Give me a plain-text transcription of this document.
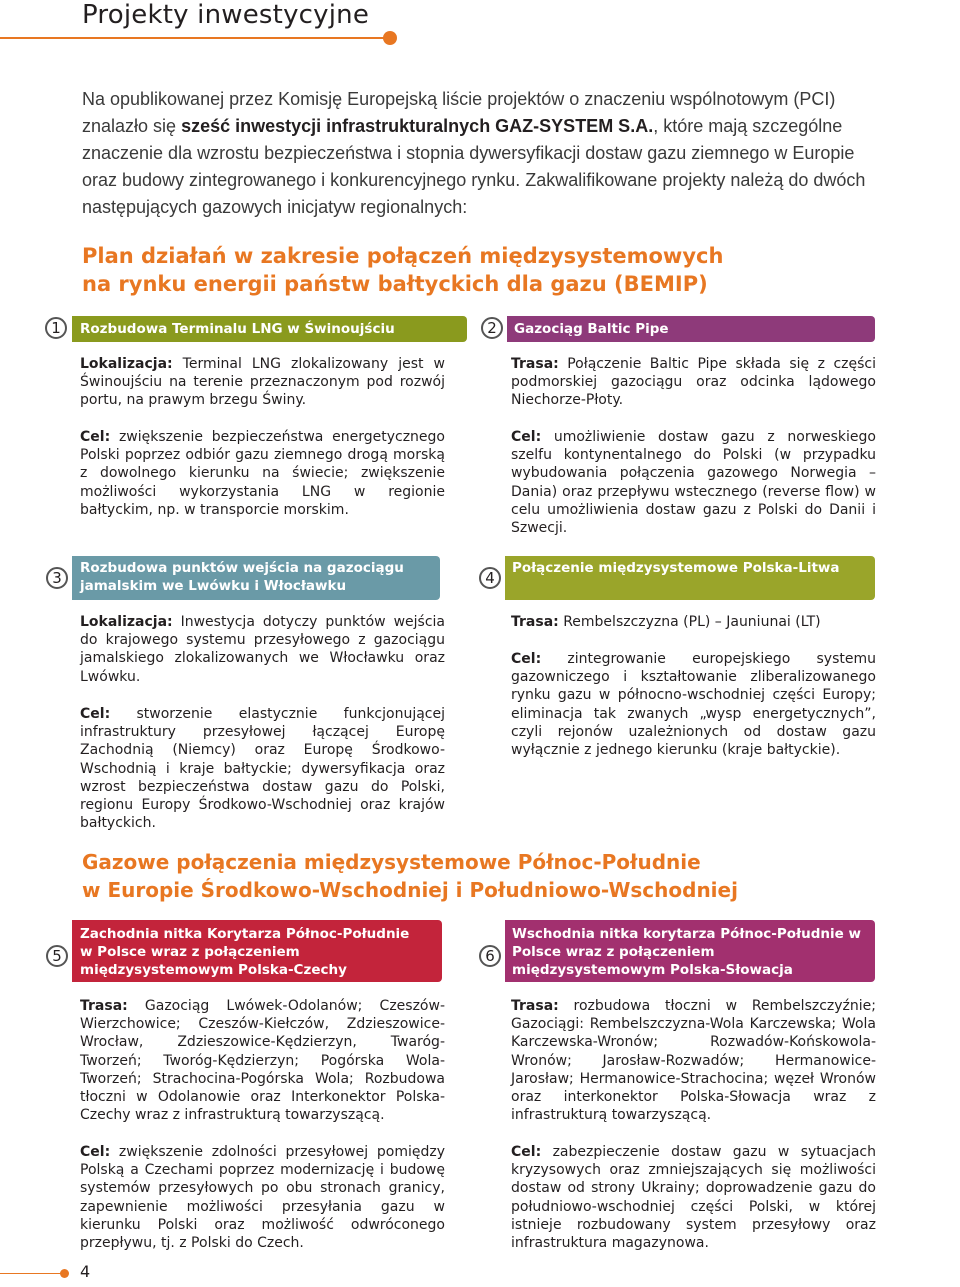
Projekty inwestycyjne
Na opublikowanej przez Komisję Europejską liście projektów o znaczeniu wspólnotowym (PCI) znalazło się sześć inwestycji infrastrukturalnych GAZ-SYSTEM S.A., które mają szczególne znaczenie dla wzrostu bezpieczeństwa i stopnia dywersyfikacji dostaw gazu ziemnego w Europie oraz budowy zintegrowanego i konkurencyjnego rynku. Zakwalifikowane projekty należą do dwóch następujących gazowych inicjatyw regionalnych:
Plan działań w zakresie połączeń międzysystemowych
na rynku energii państw bałtyckich dla gazu (BEMIP)
1	Rozbudowa Terminalu LNG w Świnoujściu
Lokalizacja: Terminal LNG zlokalizowany jest w Świnoujściu na terenie przeznaczonym pod rozwój portu, na prawym brzegu Świny.
Cel: zwiększenie bezpieczeństwa energetycznego Polski poprzez odbiór gazu ziemnego drogą morską z dowolnego kierunku na świecie; zwiększenie możliwości wykorzystania LNG w regionie bałtyckim, np. w transporcie morskim.
2	Gazociąg Baltic Pipe
Trasa: Połączenie Baltic Pipe składa się z części podmorskiej gazociągu oraz odcinka lądowego Niechorze-Płoty.
Cel: umożliwienie dostaw gazu z norweskiego szelfu kontynentalnego do Polski (w przypadku wybudowania połączenia gazowego Norwegia – Dania) oraz przepływu wstecznego (reverse flow) w celu umożliwienia dostaw gazu z Polski do Danii i Szwecji.
3
Rozbudowa punktów wejścia na gazociągu jamalskim we Lwówku i Włocławku
Lokalizacja: Inwestycja dotyczy punktów wejścia do krajowego systemu przesyłowego z gazociągu jamalskiego zlokalizowanych we Włocławku oraz Lwówku.
Cel: stworzenie elastycznie funkcjonującej infrastruktury przesyłowej łączącej Europę Zachodnią (Niemcy) oraz Europę Środkowo-Wschodnią i kraje bałtyckie; dywersyfikacja oraz wzrost bezpieczeństwa dostaw gazu do Polski, regionu Europy Środkowo-Wschodniej oraz krajów bałtyckich.
4
Połączenie międzysystemowe Polska-Litwa
Trasa: Rembelszczyzna (PL) – Jauniunai (LT)
Cel: zintegrowanie europejskiego systemu gazowniczego i kształtowanie zliberalizowanego rynku gazu w północno-wschodniej części Europy; eliminacja tak zwanych „wysp energetycznych”, czyli rejonów uzależnionych od dostaw gazu wyłącznie z jednego kierunku (kraje bałtyckie).
Gazowe połączenia międzysystemowe Północ-Południe
w Europie Środkowo-Wschodniej i Południowo-Wschodniej
5
Zachodnia nitka Korytarza Północ-Południe w Polsce wraz z połączeniem międzysystemowym Polska-Czechy
Trasa: Gazociąg Lwówek-Odolanów; Czeszów-Wierzchowice; Czeszów-Kiełczów, Zdzieszowice-Wrocław, Zdzieszowice-Kędzierzyn, Twaróg-Tworzeń; Tworóg-Kędzierzyn; Pogórska Wola-Tworzeń; Strachocina-Pogórska Wola; Rozbudowa tłoczni w Odolanowie oraz Interkonektor Polska-Czechy wraz z infrastrukturą towarzyszącą.
Cel: zwiększenie zdolności przesyłowej pomiędzy Polską a Czechami poprzez modernizację i budowę systemów przesyłowych po obu stronach granicy, zapewnienie możliwości przesyłania gazu w kierunku Polski oraz możliwość odwróconego przepływu, tj. z Polski do Czech.
6
Wschodnia nitka korytarza Północ-Południe w Polsce wraz z połączeniem międzysystemowym Polska-Słowacja
Trasa: rozbudowa tłoczni w Rembelszczyźnie; Gazociągi: Rembelszczyzna-Wola Karczewska; Wola Karczewska-Wronów; Rozwadów-Końskowola-Wronów; Jarosław-Rozwadów; Hermanowice-Jarosław; Hermanowice-Strachocina; węzeł Wronów oraz interkonektor Polska-Słowacja wraz z infrastrukturą towarzyszącą.
Cel: zabezpieczenie dostaw gazu w sytuacjach kryzysowych oraz zmniejszających się możliwości dostaw od strony Ukrainy; doprowadzenie gazu do południowo-wschodniej części Polski, w której istnieje rozbudowany system przesyłowy oraz infrastruktura magazynowa.
4
